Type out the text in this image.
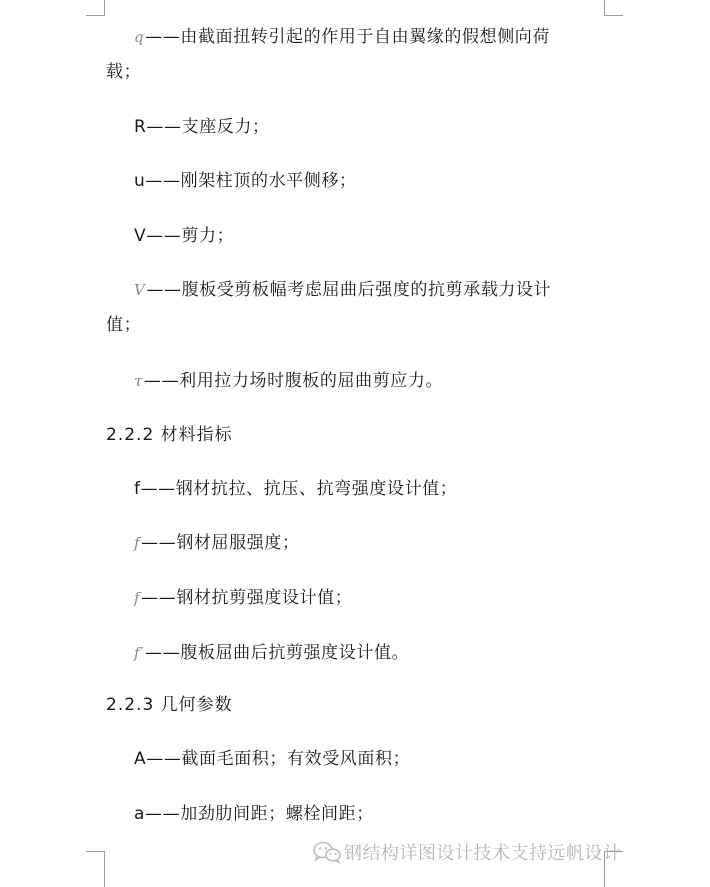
q——由截面扭转引起的作用于自由翼缘的假想侧向荷
载；
R——支座反力；
u——刚架柱顶的水平侧移；
V——剪力；
V——腹板受剪板幅考虑屈曲后强度的抗剪承载力设计
值；
τ——利用拉力场时腹板的屈曲剪应力。
2.2.2 材料指标
f——钢材抗拉、抗压、抗弯强度设计值；
f——钢材屈服强度；
f——钢材抗剪强度设计值；
f′——腹板屈曲后抗剪强度设计值。
2.2.3 几何参数
A——截面毛面积；有效受风面积；
a——加劲肋间距；螺栓间距；
钢结构详图设计技术支持远帆设计
